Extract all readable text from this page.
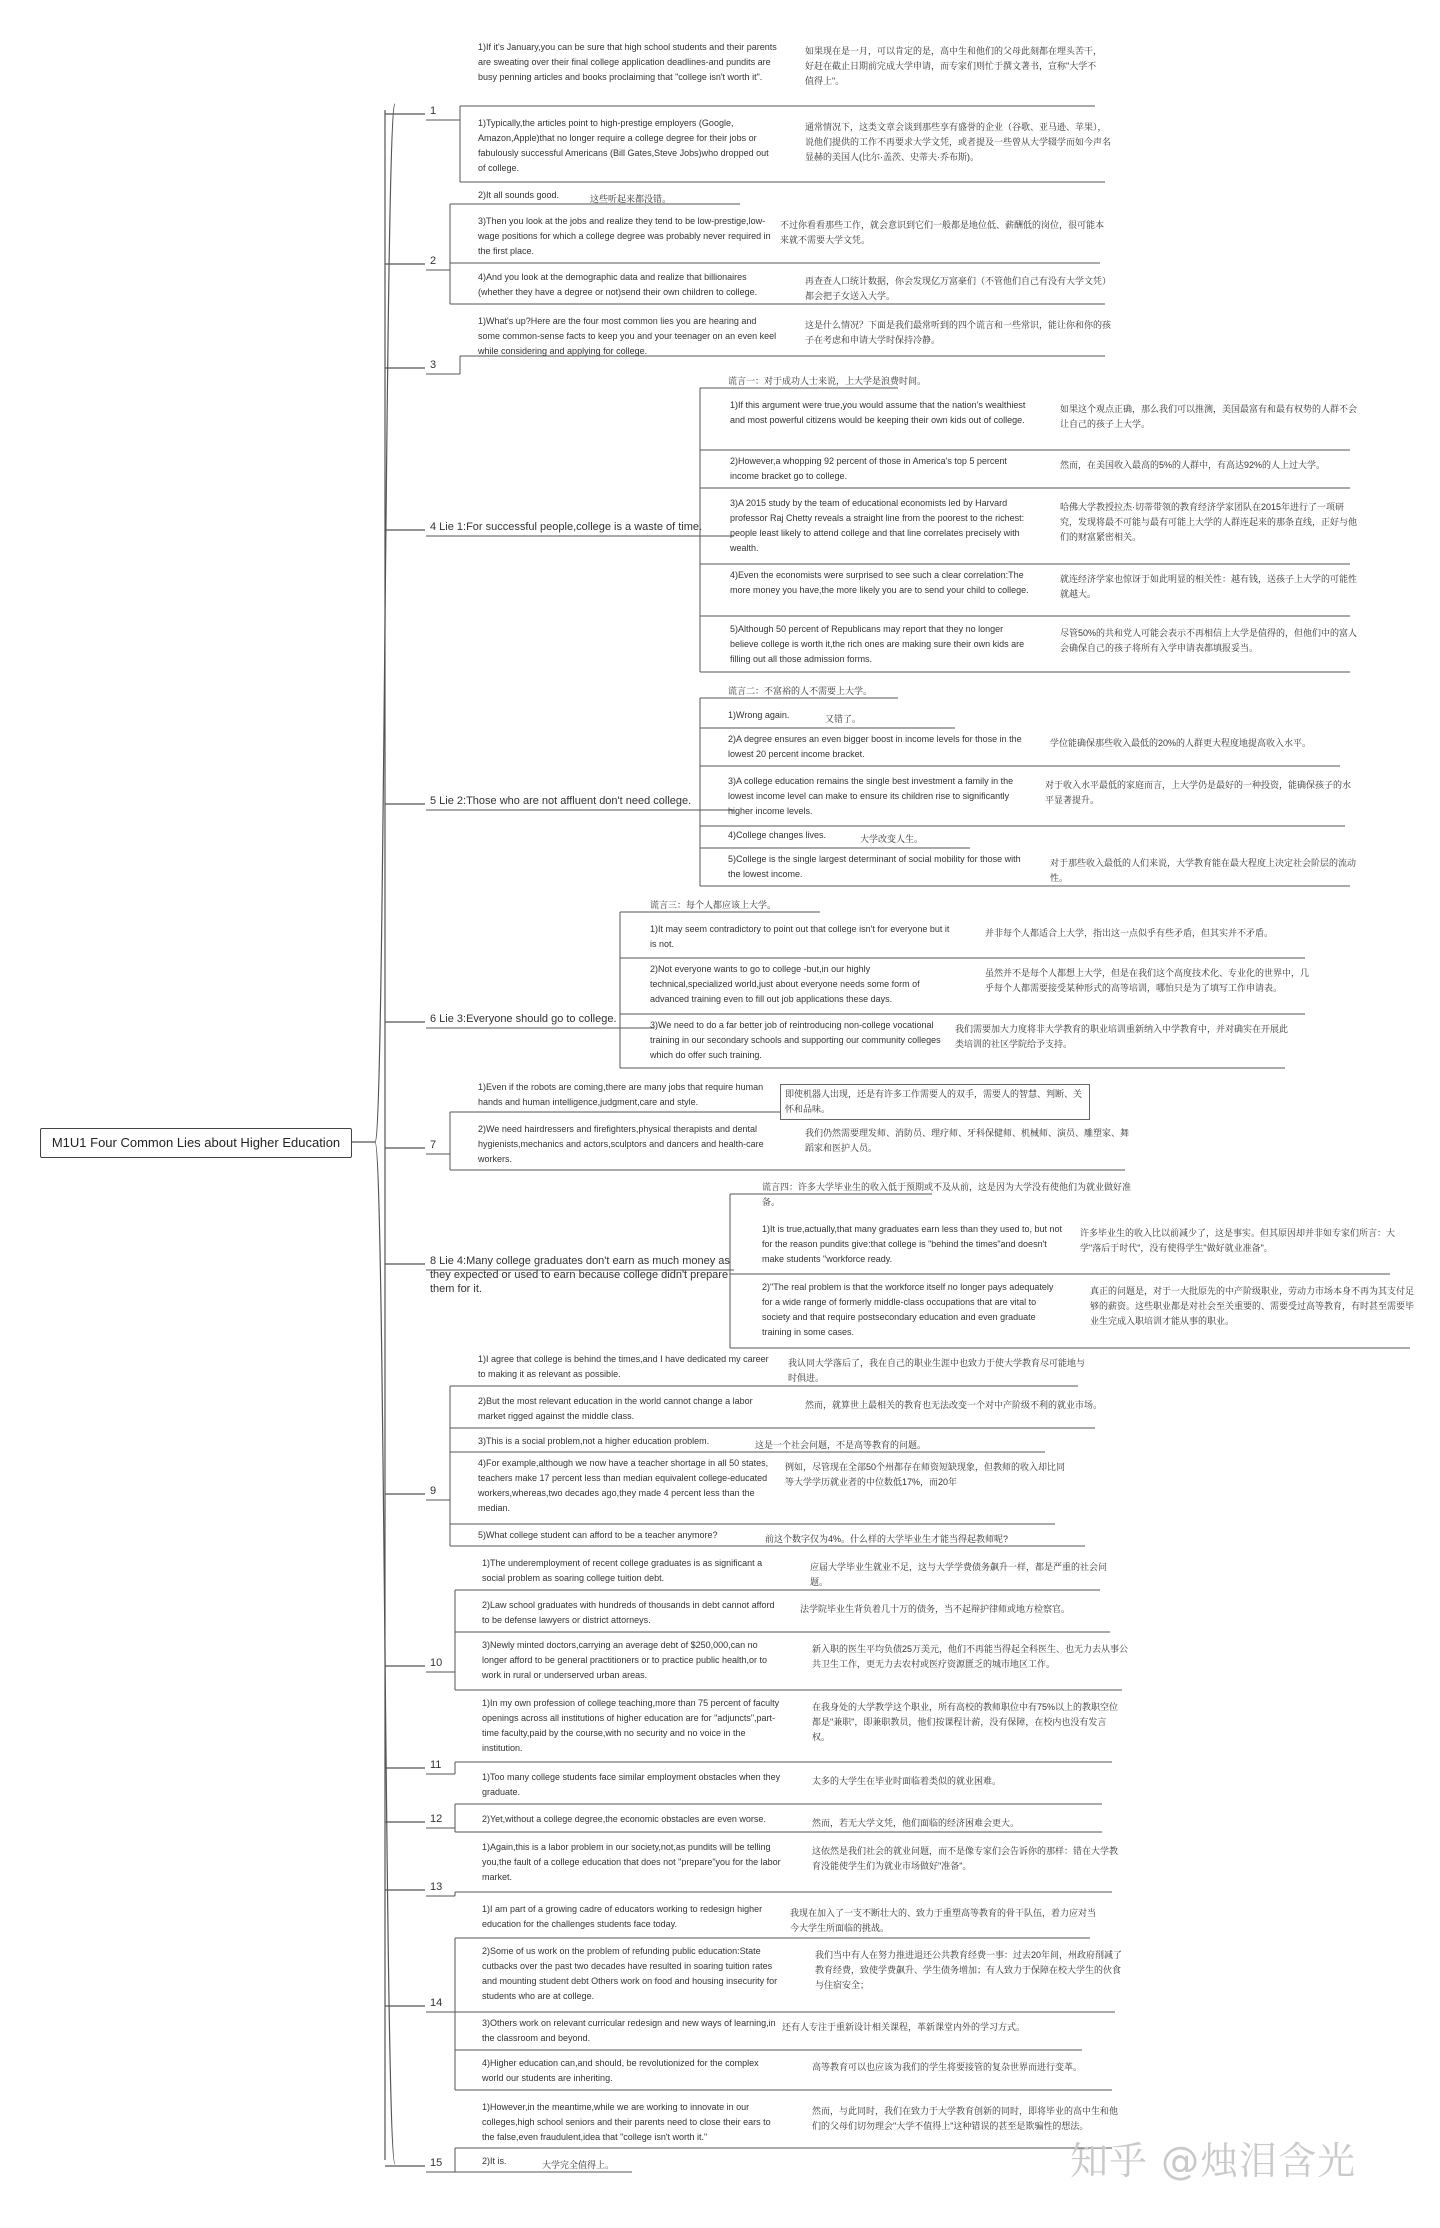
M1U1 Four Common Lies about Higher Education
1
1)If it's January,you can be sure that high school students and their parents are sweating over their final college application deadlines-and pundits are busy penning articles and books proclaiming that "college isn't worth it".
如果现在是一月，可以肯定的是，高中生和他们的父母此刻都在埋头苦干，好赶在截止日期前完成大学申请，而专家们则忙于撰文著书，宣称"大学不值得上"。
1)Typically,the articles point to high-prestige employers (Google, Amazon,Apple)that no longer require a college degree for their jobs or fabulously successful Americans (Bill Gates,Steve Jobs)who dropped out of college.
通常情况下，这类文章会谈到那些享有盛誉的企业（谷歌、亚马逊、苹果），说他们提供的工作不再要求大学文凭，或者提及一些曾从大学辍学而如今声名显赫的美国人(比尔·盖茨、史蒂夫·乔布斯)。
2
2)It all sounds good.	这些听起来都没错。
3)Then you look at the jobs and realize they tend to be low-prestige,low-wage positions for which a college degree was probably never required in the first place.
不过你看看那些工作，就会意识到它们一般都是地位低、薪酬低的岗位，很可能本来就不需要大学文凭。
4)And you look at the demographic data and realize that billionaires (whether they have a degree or not)send their own children to college.
再查查人口统计数据，你会发现亿万富豪们（不管他们自己有没有大学文凭）都会把子女送入大学。
3
1)What's up?Here are the four most common lies you are hearing and some common-sense facts to keep you and your teenager on an even keel while considering and applying for college.
这是什么情况？下面是我们最常听到的四个谎言和一些常识，能让你和你的孩子在考虑和申请大学时保持冷静。
4 Lie 1:For successful people,college is a waste of time.
谎言一：对于成功人士来说，上大学是浪费时间。
1)If this argument were true,you would assume that the nation's wealthiest and most powerful citizens would be keeping their own kids out of college.
如果这个观点正确，那么我们可以推测，美国最富有和最有权势的人群不会让自己的孩子上大学。
2)However,a whopping 92 percent of those in America's top 5 percent income bracket go to college.
然而，在美国收入最高的5%的人群中，有高达92%的人上过大学。
3)A 2015 study by the team of educational economists led by Harvard professor Raj Chetty reveals a straight line from the poorest to the richest: people least likely to attend college and that line correlates precisely with wealth.
哈佛大学教授拉杰·切蒂带领的教育经济学家团队在2015年进行了一项研究，发现将最不可能与最有可能上大学的人群连起来的那条直线，正好与他们的财富紧密相关。
4)Even the economists were surprised to see such a clear correlation:The more money you have,the more likely you are to send your child to college.
就连经济学家也惊讶于如此明显的相关性：越有钱，送孩子上大学的可能性就越大。
5)Although 50 percent of Republicans may report that they no longer believe college is worth it,the rich ones are making sure their own kids are filling out all those admission forms.
尽管50%的共和党人可能会表示不再相信上大学是值得的，但他们中的富人会确保自己的孩子将所有入学申请表都填报妥当。
5 Lie 2:Those who are not affluent don't need college.
谎言二：不富裕的人不需要上大学。
1)Wrong again.	又错了。
2)A degree ensures an even bigger boost in income levels for those in the lowest 20 percent income bracket.
学位能确保那些收入最低的20%的人群更大程度地提高收入水平。
3)A college education remains the single best investment a family in the lowest income level can make to ensure its children rise to significantly higher income levels.
对于收入水平最低的家庭而言，上大学仍是最好的一种投资，能确保孩子的水平显著提升。
4)College changes lives.	大学改变人生。
5)College is the single largest determinant of social mobility for those with the lowest income.
对于那些收入最低的人们来说，大学教育能在最大程度上决定社会阶层的流动性。
6 Lie 3:Everyone should go to college.
谎言三：每个人都应该上大学。
1)It may seem contradictory to point out that college isn't for everyone but it is not.
并非每个人都适合上大学，指出这一点似乎有些矛盾，但其实并不矛盾。
2)Not everyone wants to go to college -but,in our highly technical,specialized world,just about everyone needs some form of advanced training even to fill out job applications these days.
虽然并不是每个人都想上大学，但是在我们这个高度技术化、专业化的世界中，几乎每个人都需要接受某种形式的高等培训，哪怕只是为了填写工作申请表。
3)We need to do a far better job of reintroducing non-college vocational training in our secondary schools and supporting our community colleges which do offer such training.
我们需要加大力度将非大学教育的职业培训重新纳入中学教育中，并对确实在开展此类培训的社区学院给予支持。
7
1)Even if the robots are coming,there are many jobs that require human hands and human intelligence,judgment,care and style.
即使机器人出现，还是有许多工作需要人的双手，需要人的智慧、判断、关怀和品味。
2)We need hairdressers and firefighters,physical therapists and dental hygienists,mechanics and actors,sculptors and dancers and health-care workers.
我们仍然需要理发师、消防员、理疗师、牙科保健师、机械师、演员、雕塑家、舞蹈家和医护人员。
8 Lie 4:Many college graduates don't earn as much money as they expected or used to earn because college didn't prepare them for it.
谎言四：许多大学毕业生的收入低于预期或不及从前，这是因为大学没有使他们为就业做好准备。
1)It is true,actually,that many graduates earn less than they used to, but not for the reason pundits give:that college is "behind the times"and doesn't make students "workforce ready.
许多毕业生的收入比以前减少了，这是事实。但其原因却并非如专家们所言：大学"落后于时代"，没有使得学生"做好就业准备"。
2)"The real problem is that the workforce itself no longer pays adequately for a wide range of formerly middle-class occupations that are vital to society and that require postsecondary education and even graduate training in some cases.
真正的问题是，对于一大批原先的中产阶级职业，劳动力市场本身不再为其支付足够的薪资。这些职业都是对社会至关重要的、需要受过高等教育，有时甚至需要毕业生完成入职培训才能从事的职业。
9
1)I agree that college is behind the times,and I have dedicated my career to making it as relevant as possible.
我认同大学落后了，我在自己的职业生涯中也致力于使大学教育尽可能地与时俱进。
2)But the most relevant education in the world cannot change a labor market rigged against the middle class.
然而，就算世上最相关的教育也无法改变一个对中产阶级不利的就业市场。
3)This is a social problem,not a higher education problem.	这是一个社会问题，不是高等教育的问题。
4)For example,although we now have a teacher shortage in all 50 states, teachers make 17 percent less than median equivalent college-educated workers,whereas,two decades ago,they made 4 percent less than the median.
例如，尽管现在全部50个州都存在师资短缺现象，但教师的收入却比同等大学学历就业者的中位数低17%，而20年
5)What college student can afford to be a teacher anymore?	前这个数字仅为4%。什么样的大学毕业生才能当得起教师呢?
10
1)The underemployment of recent college graduates is as significant a social problem as soaring college tuition debt.
应届大学毕业生就业不足，这与大学学费债务飙升一样，都是严重的社会问题。
2)Law school graduates with hundreds of thousands in debt cannot afford to be defense lawyers or district attorneys.
法学院毕业生背负着几十万的债务，当不起辩护律师或地方检察官。
3)Newly minted doctors,carrying an average debt of $250,000,can no longer afford to be general practitioners or to practice public health,or to work in rural or underserved urban areas.
新入职的医生平均负债25万美元，他们不再能当得起全科医生、也无力去从事公共卫生工作，更无力去农村或医疗资源匮乏的城市地区工作。
11
1)In my own profession of college teaching,more than 75 percent of faculty openings across all institutions of higher education are for "adjuncts",part-time faculty,paid by the course,with no security and no voice in the institution.
在我身处的大学教学这个职业，所有高校的教师职位中有75%以上的教职空位都是"兼职"，即兼职教员，他们按课程计薪，没有保障，在校内也没有发言权。
12
1)Too many college students face similar employment obstacles when they graduate.
太多的大学生在毕业时面临着类似的就业困难。
2)Yet,without a college degree,the economic obstacles are even worse.	然而，若无大学文凭，他们面临的经济困难会更大。
13
1)Again,this is a labor problem in our society,not,as pundits will be telling you,the fault of a college education that does not "prepare"you for the labor market.
这依然是我们社会的就业问题，而不是像专家们会告诉你的那样：错在大学教育没能使学生们为就业市场做好"准备"。
14
1)I am part of a growing cadre of educators working to redesign higher education for the challenges students face today.
我现在加入了一支不断壮大的、致力于重塑高等教育的骨干队伍，着力应对当今大学生所面临的挑战。
2)Some of us work on the problem of refunding public education:State cutbacks over the past two decades have resulted in soaring tuition rates and mounting student debt Others work on food and housing insecurity for students who are at college.
我们当中有人在努力推进退还公共教育经费一事：过去20年间，州政府削减了教育经费，致使学费飙升、学生债务增加；有人致力于保障在校大学生的伙食与住宿安全；
3)Others work on relevant curricular redesign and new ways of learning,in the classroom and beyond.
还有人专注于重新设计相关课程，革新课堂内外的学习方式。
4)Higher education can,and should, be revolutionized for the complex world our students are inheriting.
高等教育可以也应该为我们的学生将要接管的复杂世界而进行变革。
15
1)However,in the meantime,while we are working to innovate in our colleges,high school seniors and their parents need to close their ears to the false,even fraudulent,idea that "college isn't worth it."
然而，与此同时，我们在致力于大学教育创新的同时，即将毕业的高中生和他们的父母们切勿理会"大学不值得上"这种错误的甚至是欺骗性的想法。
2)It is.	大学完全值得上。	知乎 @烛泪含光
